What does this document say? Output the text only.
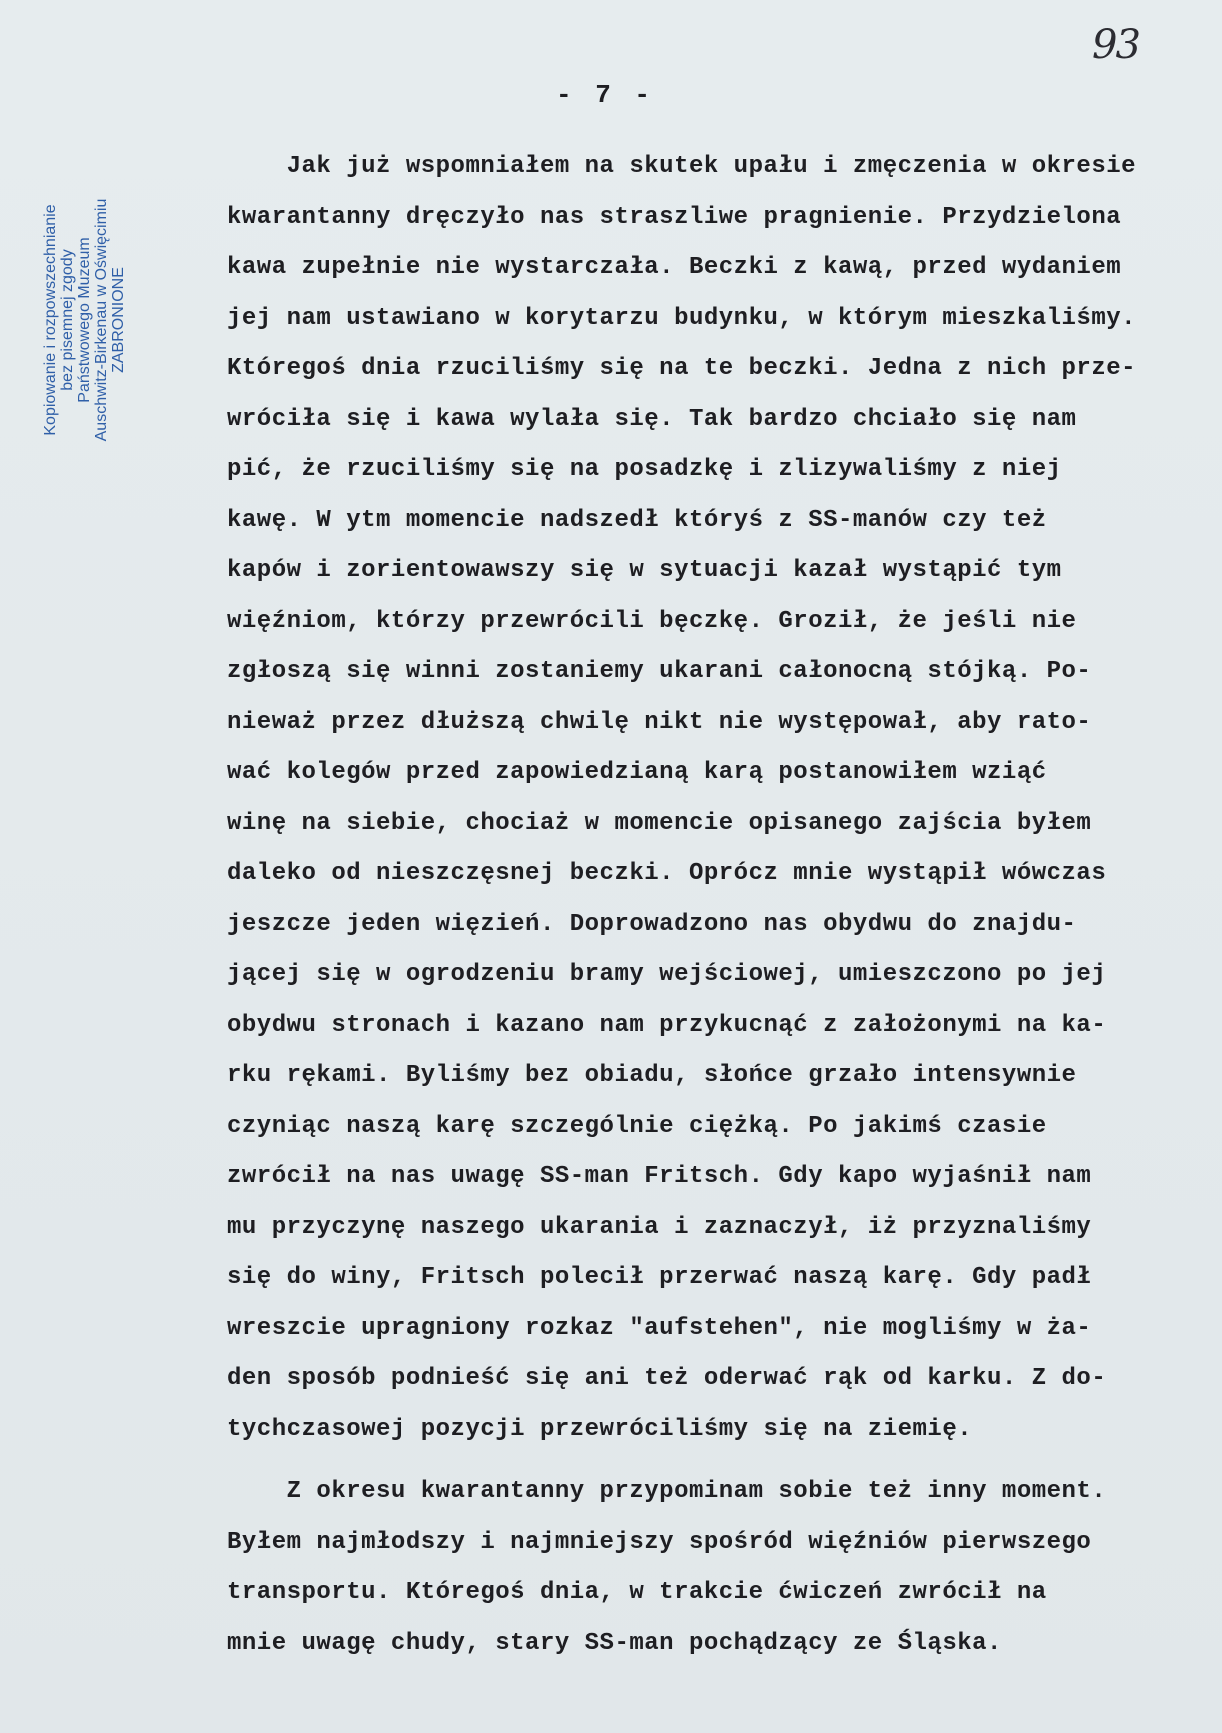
93
- 7 -
Kopiowanie i rozpowszechnianie bez pisemnej zgody Państwowego Muzeum Auschwitz-Birkenau w Oświęcimiu ZABRONIONE
Jak już wspomniałem na skutek upału i zmęczenia w okresie
kwarantanny dręczyło nas straszliwe pragnienie. Przydzielona
kawa zupełnie nie wystarczała. Beczki z kawą, przed wydaniem
jej nam ustawiano w korytarzu budynku, w którym mieszkaliśmy.
Któregoś dnia rzuciliśmy się na te beczki. Jedna z nich prze-
wróciła się i kawa wylała się. Tak bardzo chciało się nam
pić, że rzuciliśmy się na posadzkę i zlizywaliśmy z niej
kawę. W ytm momencie nadszedł któryś z SS-manów czy też
kapów i zorientowawszy się w sytuacji kazał wystąpić tym
więźniom, którzy przewrócili bęczkę. Groził, że jeśli nie
zgłoszą się winni zostaniemy ukarani całonocną stójką. Po-
nieważ przez dłuższą chwilę nikt nie występował, aby rato-
wać kolegów przed zapowiedzianą karą postanowiłem wziąć
winę na siebie, chociaż w momencie opisanego zajścia byłem
daleko od nieszczęsnej beczki. Oprócz mnie wystąpił wówczas
jeszcze jeden więzień. Doprowadzono nas obydwu do znajdu-
jącej się w ogrodzeniu bramy wejściowej, umieszczono po jej
obydwu stronach i kazano nam przykucnąć z założonymi na ka-
rku rękami. Byliśmy bez obiadu, słońce grzało intensywnie
czyniąc naszą karę szczególnie ciężką. Po jakimś czasie
zwrócił na nas uwagę SS-man Fritsch. Gdy kapo wyjaśnił nam
mu przyczynę naszego ukarania i zaznaczył, iż przyznaliśmy
się do winy, Fritsch polecił przerwać naszą karę. Gdy padł
wreszcie upragniony rozkaz "aufstehen", nie mogliśmy w ża-
den sposób podnieść się ani też oderwać rąk od karku. Z do-
tychczasowej pozycji przewróciliśmy się na ziemię.
Z okresu kwarantanny przypominam sobie też inny moment.
Byłem najmłodszy i najmniejszy spośród więźniów pierwszego
transportu. Któregoś dnia, w trakcie ćwiczeń zwrócił na
mnie uwagę chudy, stary SS-man pochądzący ze Śląska.
